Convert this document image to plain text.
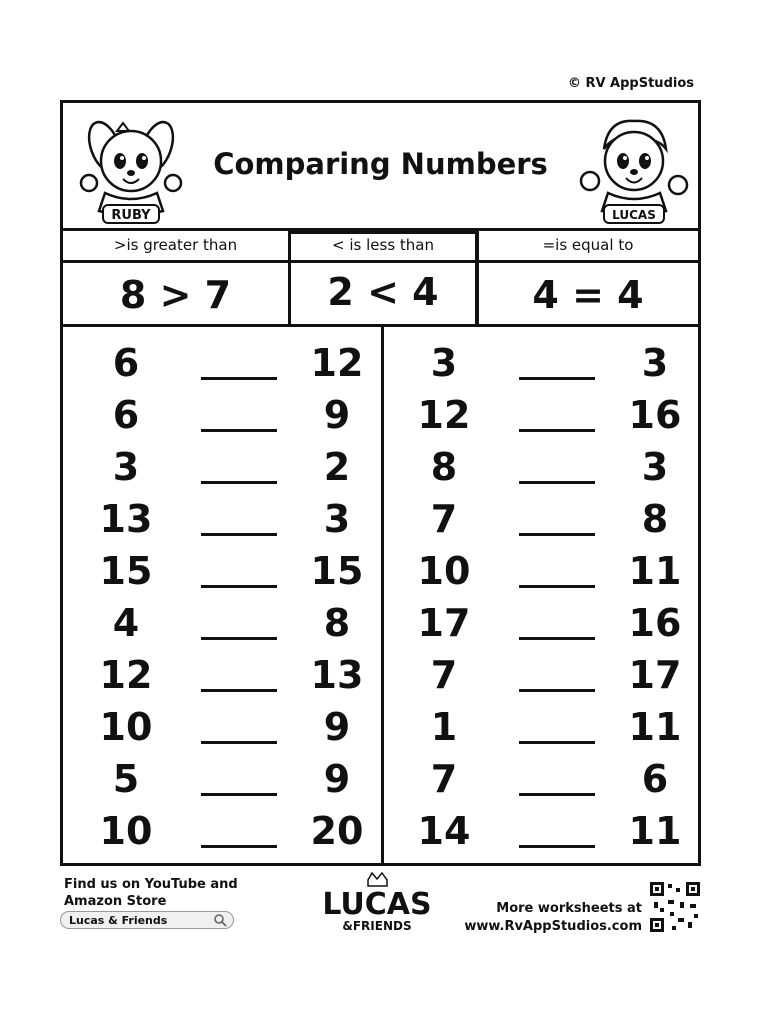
© RV AppStudios
RUBY
Comparing Numbers
LUCAS
>is greater than	< is less than	=is equal to
8 > 7	2 < 4	4 = 4
6	12
6	9
3	2
13	3
15	15
4	8
12	13
10	9
5	9
10	20
3	3
12	16
8	3
7	8
10	11
17	16
7	17
1	11
7	6
14	11
Find us on YouTube and
Amazon Store
Lucas & Friends	LUCAS
&FRIENDS
More worksheets at
www.RvAppStudios.com
